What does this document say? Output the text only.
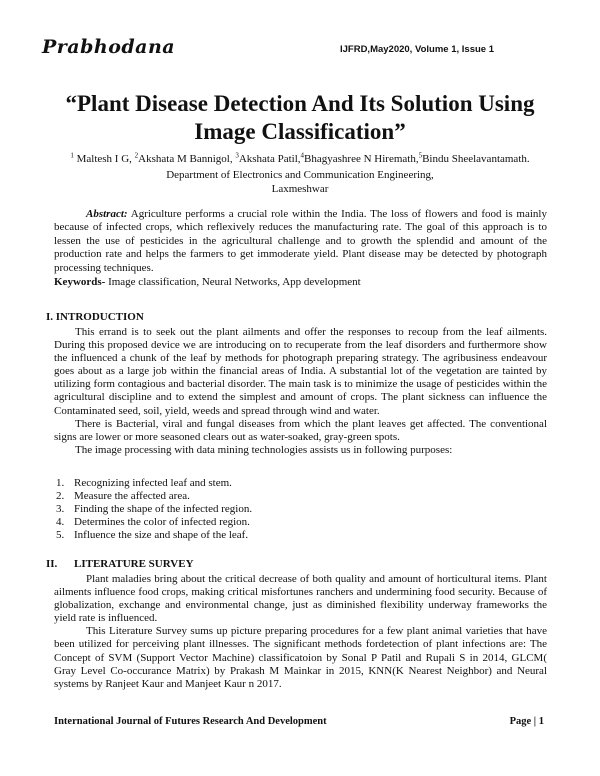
Prabhodana	IJFRD,May2020, Volume 1, Issue 1
“Plant Disease Detection And Its Solution Using Image Classification”
$^1$ Maltesh I G, $^2$Akshata M Bannigol, $^3$Akshata Patil,$^4$Bhagyashree N Hiremath,$^5$Bindu Sheelavantamath.
Department of Electronics and Communication Engineering,
Laxmeshwar
Abstract: Agriculture performs a crucial role within the India. The loss of flowers and food is mainly because of infected crops, which reflexively reduces the manufacturing rate. The goal of this approach is to lessen the use of pesticides in the agricultural challenge and to growth the splendid and amount of the production rate and helps the farmers to get immoderate yield. Plant disease may be detected by photograph processing techniques.
Keywords- Image classification, Neural Networks, App development
I. INTRODUCTION

This errand is to seek out the plant ailments and offer the responses to recoup from the leaf ailments. During this proposed device we are introducing on to recuperate from the leaf disorders and furthermore show the influenced a chunk of the leaf by methods for photograph preparing strategy. The agribusiness endeavour goes about as a large job within the financial areas of India. A substantial lot of the vegetation are tainted by utilizing form contagious and bacterial disorder. The main task is to minimize the usage of pesticides within the agricultural discipline and to extend the simplest and amount of crops. The plant sickness can influence the Contaminated seed, soil, yield, weeds and spread through wind and water.

There is Bacterial, viral and fungal diseases from which the plant leaves get affected. The conventional signs are lower or more seasoned clears out as water-soaked, gray-green spots.

The image processing with data mining technologies assists us in following purposes:

1. Recognizing infected leaf and stem.
2. Measure the affected area.
3. Finding the shape of the infected region.
4. Determines the color of infected region.
5. Influence the size and shape of the leaf.
II. LITERATURE SURVEY

Plant maladies bring about the critical decrease of both quality and amount of horticultural items. Plant ailments influence food crops, making critical misfortunes ranchers and undermining food security. Because of globalization, exchange and environmental change, just as diminished flexibility underway frameworks the yield rate is influenced.

This Literature Survey sums up picture preparing procedures for a few plant animal varieties that have been utilized for perceiving plant illnesses. The significant methods fordetection of plant infections are: The Concept of SVM (Support Vector Machine) classificatoion by Sonal P Patil and Rupali S in 2014, GLCM( Gray Level Co-occurance Matrix) by Prakash M Mainkar in 2015, KNN(K Nearest Neighbor) and Neural systems by Ranjeet Kaur and Manjeet Kaur n 2017.

International Journal of Futures Research And Development	Page | 1
